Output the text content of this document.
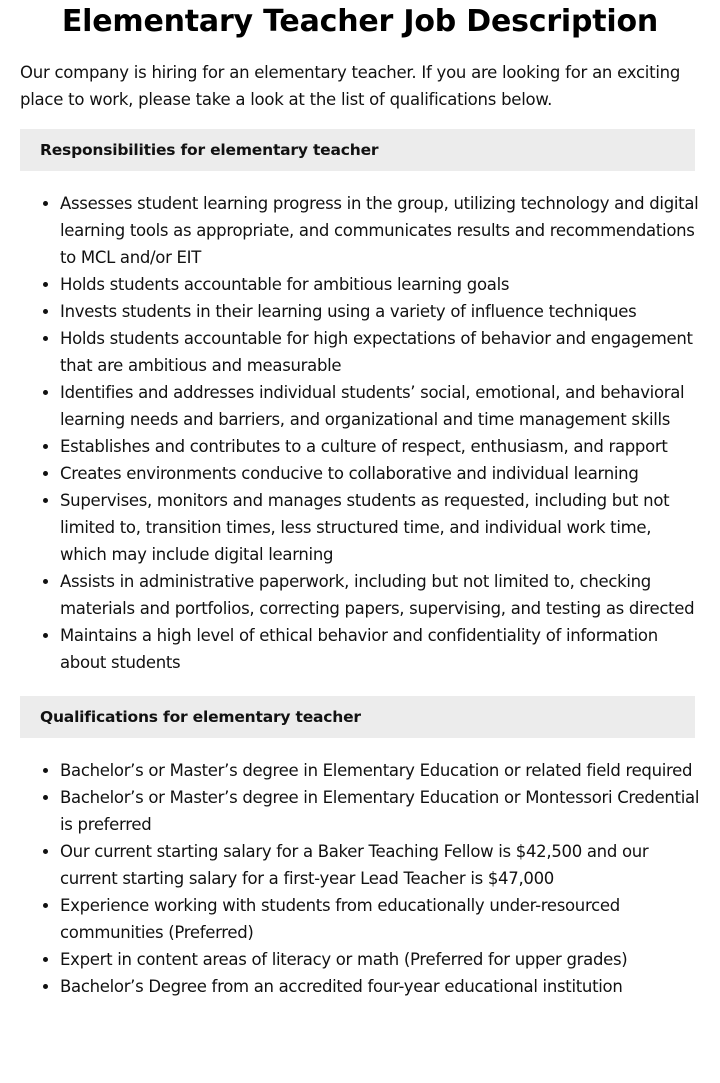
Elementary Teacher Job Description

Our company is hiring for an elementary teacher. If you are looking for an exciting place to work, please take a look at the list of qualifications below.

Responsibilities for elementary teacher
Assesses student learning progress in the group, utilizing technology and digital learning tools as appropriate, and communicates results and recommendations to MCL and/or EIT
Holds students accountable for ambitious learning goals
Invests students in their learning using a variety of influence techniques
Holds students accountable for high expectations of behavior and engagement that are ambitious and measurable
Identifies and addresses individual students’ social, emotional, and behavioral learning needs and barriers, and organizational and time management skills
Establishes and contributes to a culture of respect, enthusiasm, and rapport
Creates environments conducive to collaborative and individual learning
Supervises, monitors and manages students as requested, including but not limited to, transition times, less structured time, and individual work time, which may include digital learning
Assists in administrative paperwork, including but not limited to, checking materials and portfolios, correcting papers, supervising, and testing as directed
Maintains a high level of ethical behavior and confidentiality of information about students
Qualifications for elementary teacher
Bachelor’s or Master’s degree in Elementary Education or related field required
Bachelor’s or Master’s degree in Elementary Education or Montessori Credential is preferred
Our current starting salary for a Baker Teaching Fellow is $42,500 and our current starting salary for a first-year Lead Teacher is $47,000
Experience working with students from educationally under-resourced communities (Preferred)
Expert in content areas of literacy or math (Preferred for upper grades)
Bachelor’s Degree from an accredited four-year educational institution
